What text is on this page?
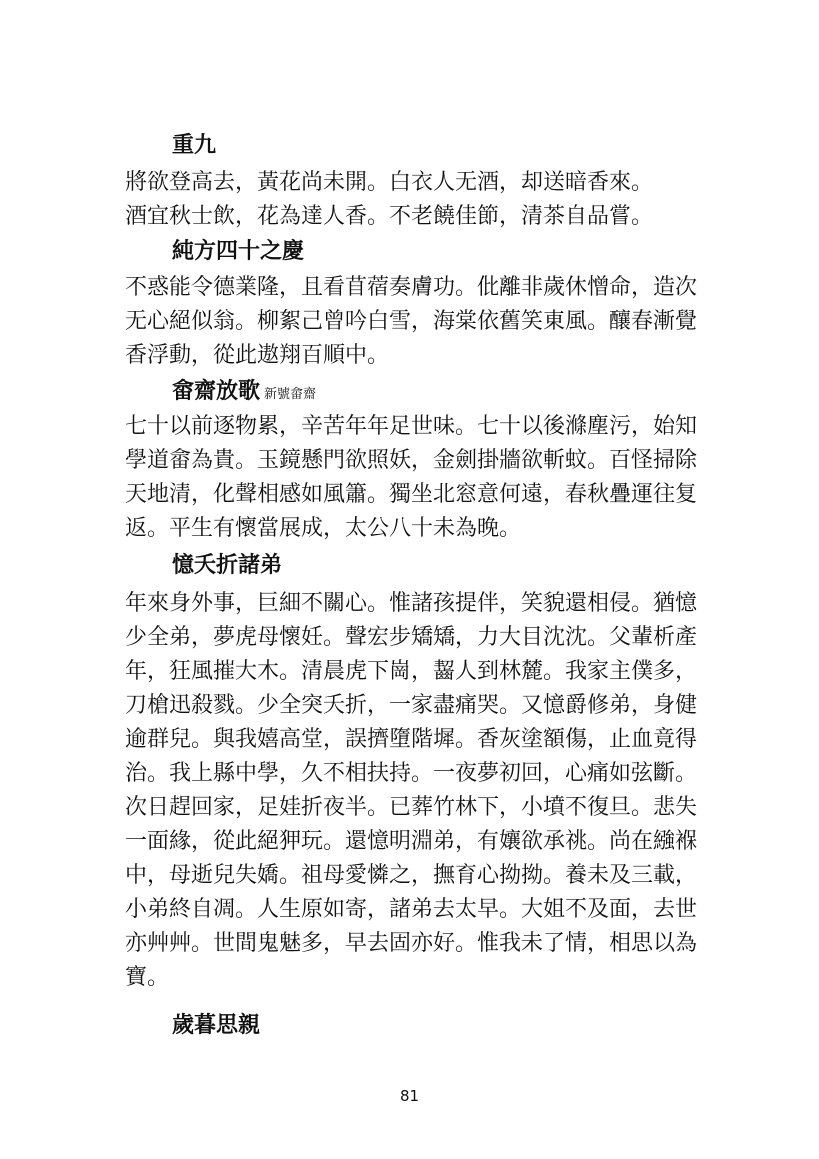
重九
將欲登高去，黃花尚未開。白衣人无酒，却送暗香來。
酒宜秋士飲，花為達人香。不老饒佳節，清茶自品嘗。
純方四十之慶
不惑能令德業隆，且看苜蓿奏膚功。仳離非歲休憎命，造次
无心絕似翁。柳絮己曾吟白雪，海棠依舊笑東風。釀春漸覺
香浮動，從此遨翔百順中。
畲齋放歌 新號畲齋
七十以前逐物累，辛苦年年足世味。七十以後滌塵污，始知
學道畲為貴。玉鏡懸門欲照妖，金劍掛牆欲斬蚊。百怪掃除
天地清，化聲相感如風簫。獨坐北窓意何遠，春秋疊運往复
返。平生有懷當展成，太公八十未為晚。
憶夭折諸弟
年來身外事，巨細不關心。惟諸孩提伴，笑貌還相侵。猶憶
少全弟，夢虎母懷妊。聲宏步矯矯，力大目沈沈。父輩析產
年，狂風摧大木。清晨虎下崗，齧人到林麓。我家主僕多，
刀槍迅殺戮。少全突夭折，一家盡痛哭。又憶爵修弟，身健
逾群兒。與我嬉高堂，誤擠墮階墀。香灰塗額傷，止血竟得
治。我上縣中學，久不相扶持。一夜夢初回，心痛如弦斷。
次日趕回家，足娃折夜半。已葬竹林下，小墳不復旦。悲失
一面緣，從此絕狎玩。還憶明淵弟，有孃欲承祧。尚在繈褓
中，母逝兒失嬌。祖母愛憐之，撫育心拗拗。養未及三載，
小弟終自凋。人生原如寄，諸弟去太早。大姐不及面，去世
亦艸艸。世間鬼魅多，早去固亦好。惟我未了情，相思以為
寶。
歲暮思親
81
